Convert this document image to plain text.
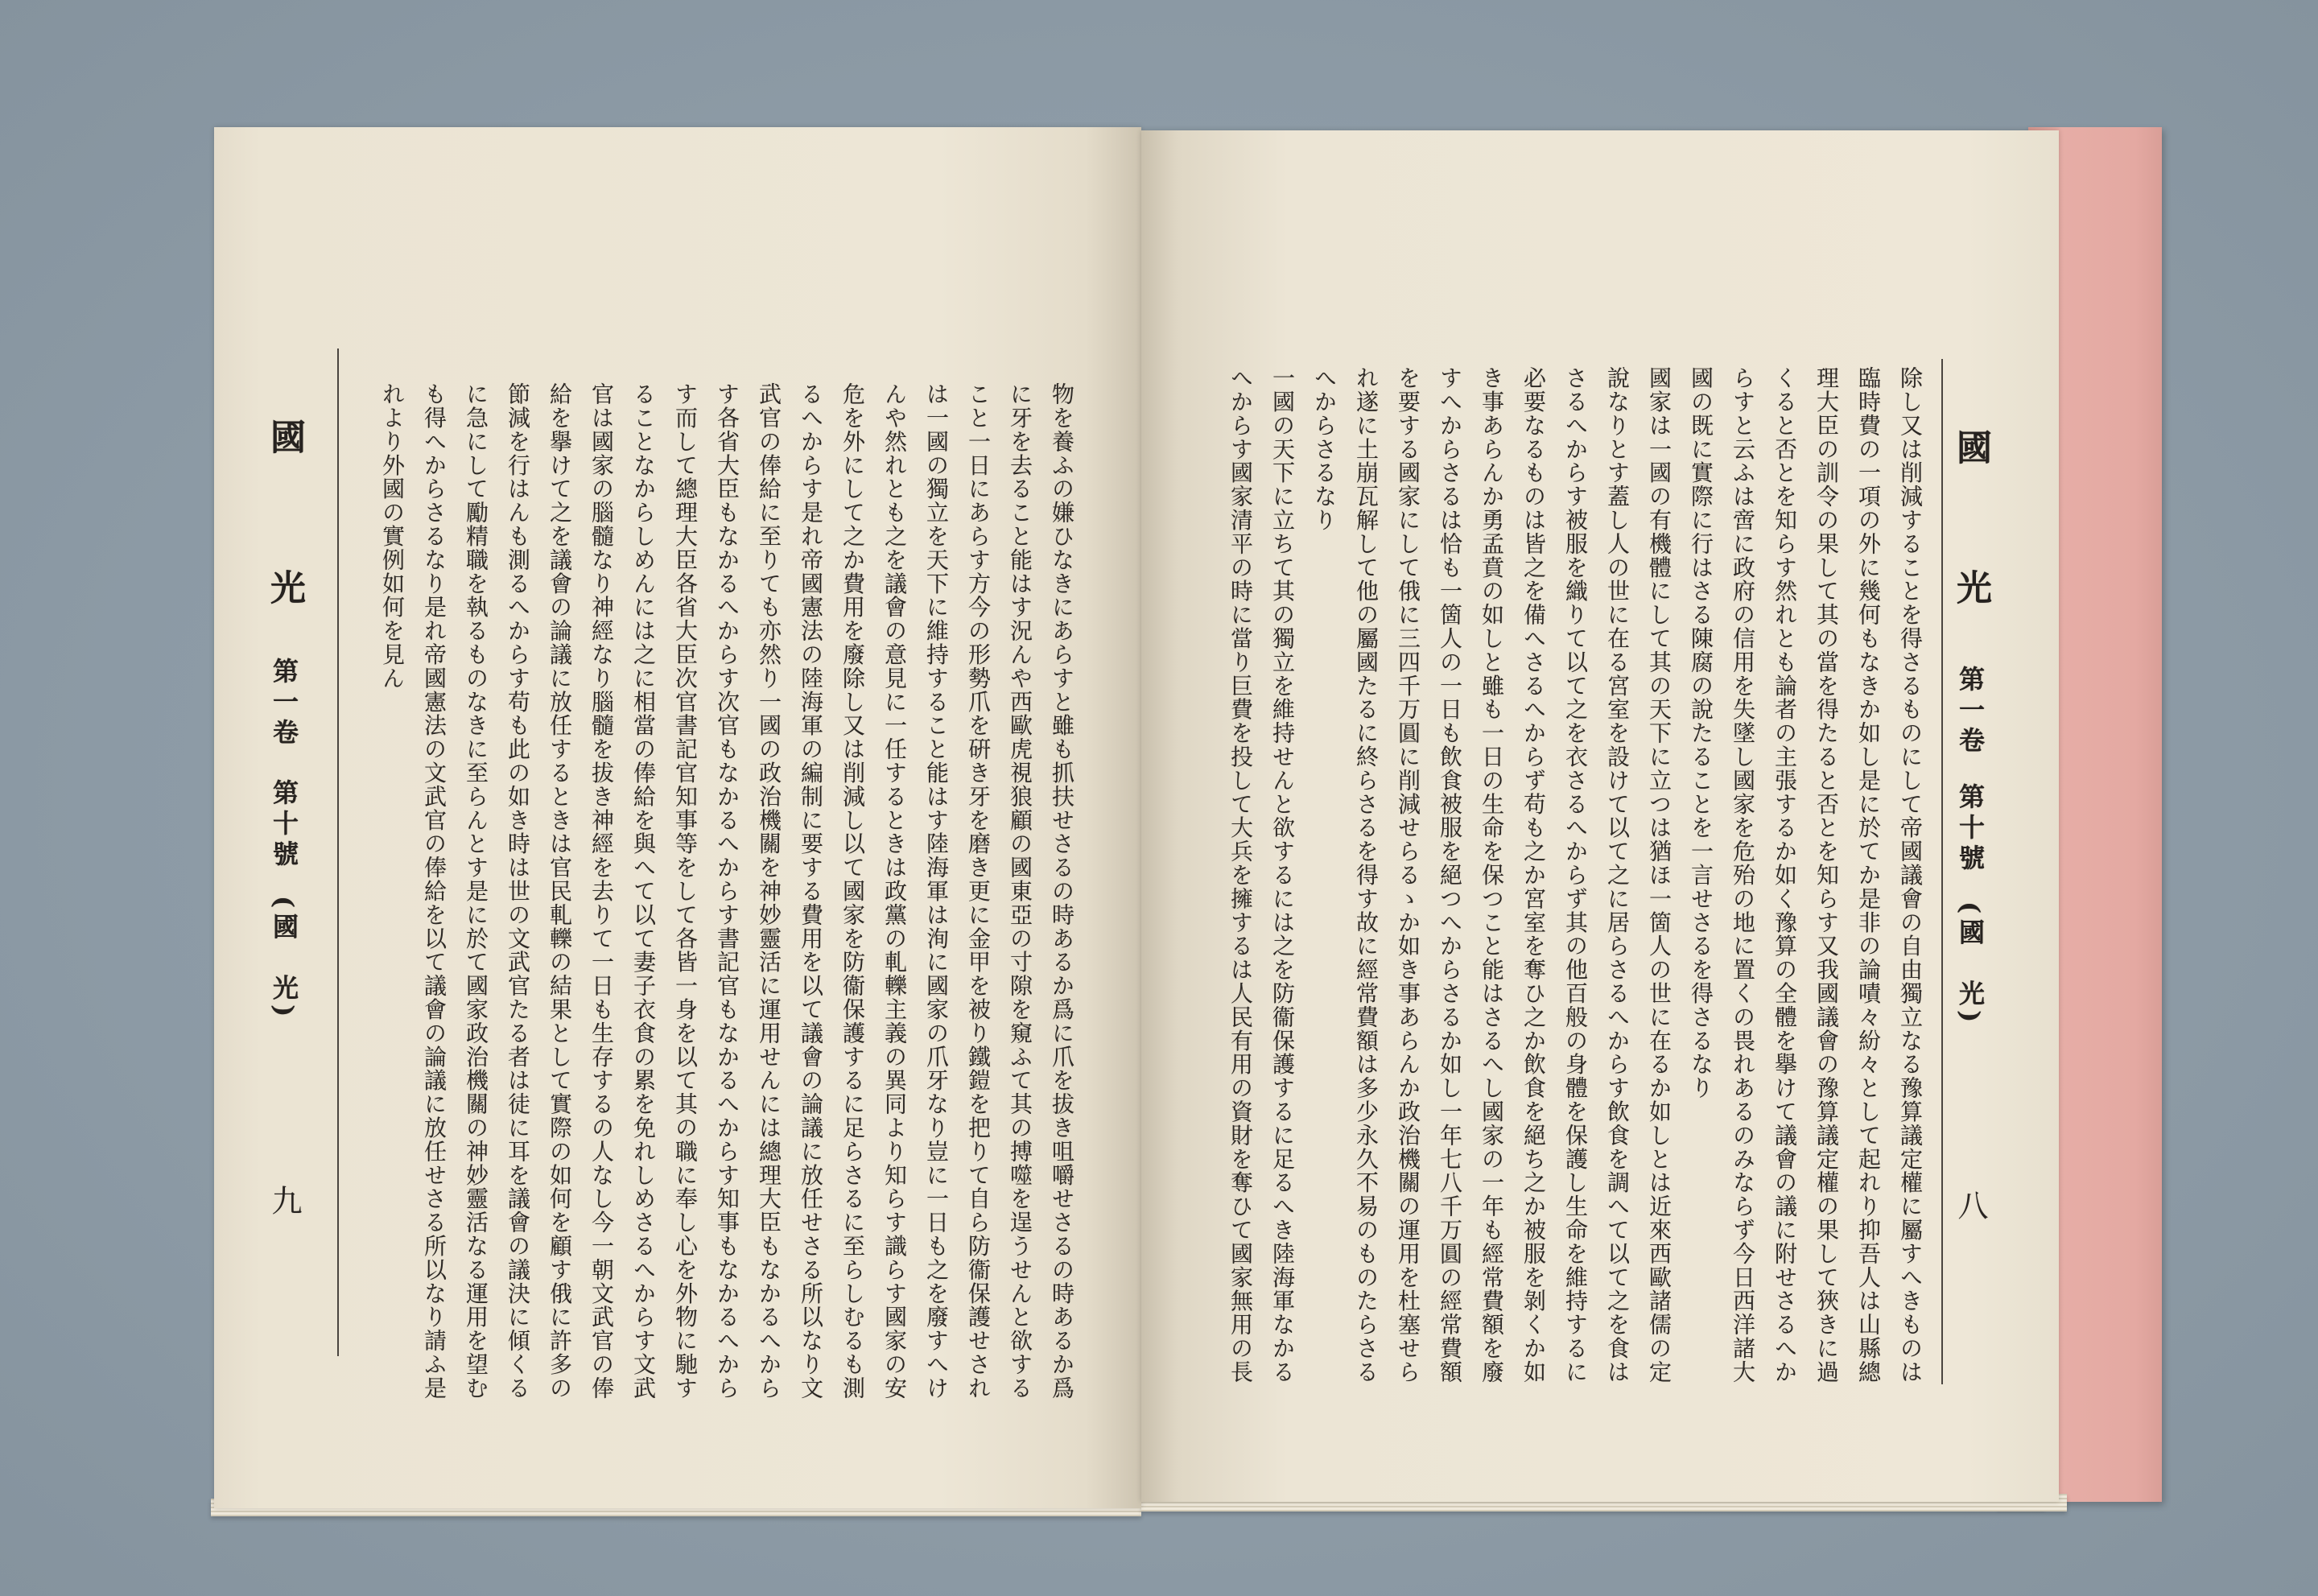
國
光
第一卷
第十號
(國　光)
八

除し又は削減することを得さるものにして帝國議會の自由獨立なる豫算議定權に屬すへきものは

臨時費の一項の外に幾何もなきか如し是に於てか是非の論嘖々紛々として起れり抑吾人は山縣總

理大臣の訓令の果して其の當を得たると否とを知らす又我國議會の豫算議定權の果して狹きに過

くると否とを知らす然れとも論者の主張するか如く豫算の全體を擧けて議會の議に附せさるへか

らすと云ふは啻に政府の信用を失墜し國家を危殆の地に置くの畏れあるのみならず今日西洋諸大

國の既に實際に行はさる陳腐の說たることを一言せさるを得さるなり

國家は一國の有機體にして其の天下に立つは猶ほ一箇人の世に在るか如しとは近來西歐諸儒の定

說なりとす蓋し人の世に在る宮室を設けて以て之に居らさるへからす飲食を調へて以て之を食は

さるへからす被服を織りて以て之を衣さるへからず其の他百般の身體を保護し生命を維持するに

必要なるものは皆之を備へさるへからず苟も之か宮室を奪ひ之か飲食を絕ち之か被服を剝くか如

き事あらんか勇孟賁の如しと雖も一日の生命を保つこと能はさるへし國家の一年も經常費額を廢

すへからさるは恰も一箇人の一日も飲食被服を絕つへからさるか如し一年七八千万圓の經常費額

を要する國家にして俄に三四千万圓に削減せらるゝか如き事あらんか政治機關の運用を杜塞せら

れ遂に土崩瓦解して他の屬國たるに終らさるを得す故に經常費額は多少永久不易のものたらさる

へからさるなり

一國の天下に立ちて其の獨立を維持せんと欲するには之を防衞保護するに足るへき陸海軍なかる

へからす國家清平の時に當り巨費を投して大兵を擁するは人民有用の資財を奪ひて國家無用の長

國
光
第一卷
第十號
(國　光)
九	物を養ふの嫌ひなきにあらすと雖も抓扶せさるの時あるか爲に爪を拔き咀嚼せさるの時あるか爲

に牙を去ること能はす況んや西歐虎視狼顧の國東亞の寸隙を窺ふて其の搏噬を逞うせんと欲する

こと一日にあらす方今の形勢爪を硏き牙を磨き更に金甲を被り鐵鎧を把りて自ら防衞保護せされ

は一國の獨立を天下に維持すること能はす陸海軍は洵に國家の爪牙なり豈に一日も之を廢すへけ

んや然れとも之を議會の意見に一任するときは政黨の軋轢主義の異同より知らす識らす國家の安

危を外にして之か費用を廢除し又は削減し以て國家を防衞保護するに足らさるに至らしむるも測

るへからす是れ帝國憲法の陸海軍の編制に要する費用を以て議會の論議に放任せさる所以なり文

武官の俸給に至りても亦然り一國の政治機關を神妙靈活に運用せんには總理大臣もなかるへから

す各省大臣もなかるへからす次官もなかるへからす書記官もなかるへからす知事もなかるへから

す而して總理大臣各省大臣次官書記官知事等をして各皆一身を以て其の職に奉し心を外物に馳す

ることなからしめんには之に相當の俸給を與へて以て妻子衣食の累を免れしめさるへからす文武

官は國家の腦髓なり神經なり腦髓を拔き神經を去りて一日も生存するの人なし今一朝文武官の俸

給を擧けて之を議會の論議に放任するときは官民軋轢の結果として實際の如何を顧す俄に許多の

節減を行はんも測るへからす苟も此の如き時は世の文武官たる者は徒に耳を議會の議決に傾くる

に急にして勵精職を執るものなきに至らんとす是に於て國家政治機關の神妙靈活なる運用を望む

も得へからさるなり是れ帝國憲法の文武官の俸給を以て議會の論議に放任せさる所以なり請ふ是

れより外國の實例如何を見ん
